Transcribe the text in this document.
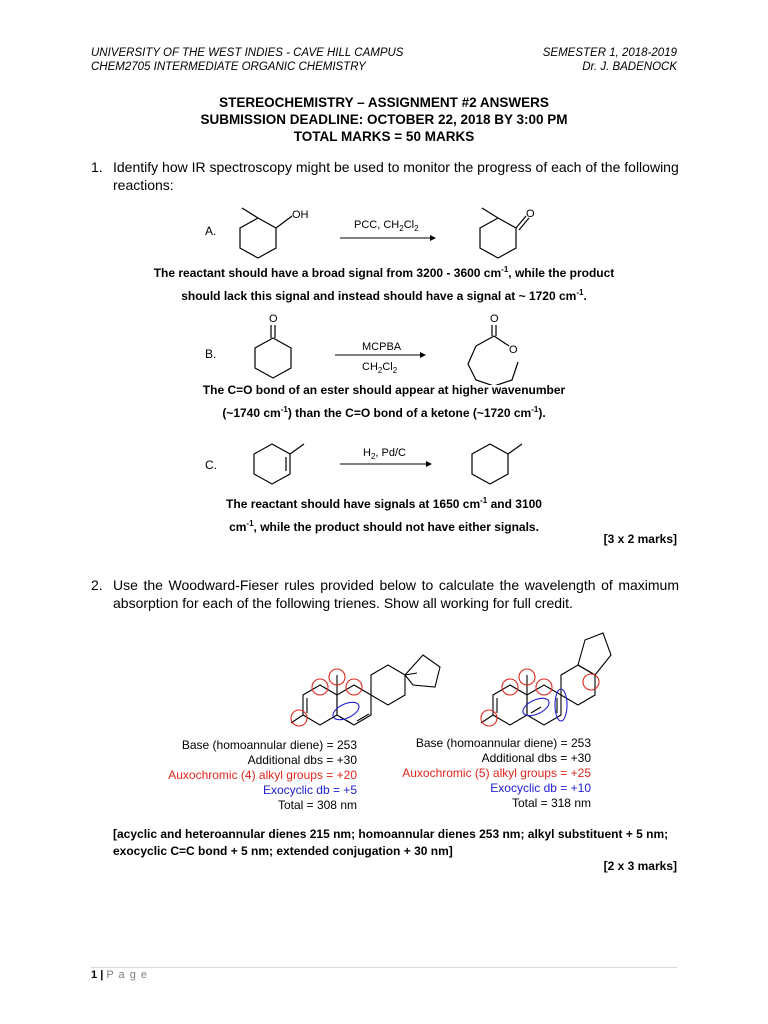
UNIVERSITY OF THE WEST INDIES - CAVE HILL CAMPUS
CHEM2705 INTERMEDIATE ORGANIC CHEMISTRY
SEMESTER 1, 2018-2019
Dr. J. BADENOCK
STEREOCHEMISTRY – ASSIGNMENT #2 ANSWERS
SUBMISSION DEADLINE: OCTOBER 22, 2018 BY 3:00 PM
TOTAL MARKS = 50 MARKS
1. Identify how IR spectroscopy might be used to monitor the progress of each of the following reactions:
A.
OH
PCC, $CH_2Cl_2$
O
The reactant should have a broad signal from 3200 - 3600 $cm^{-1}$, while the product
should lack this signal and instead should have a signal at ~ 1720 $cm^{-1}$.
B.
O
MCPBA
$CH_2Cl_2$
O
O
The C=O bond of an ester should appear at higher wavenumber
(~1740 $cm^{-1}$) than the C=O bond of a ketone (~1720 $cm^{-1}$).
C.
$H_2$, Pd/C
The reactant should have signals at 1650 $cm^{-1}$ and 3100
$cm^{-1}$, while the product should not have either signals.
[3 x 2 marks]
2. Use the Woodward-Fieser rules provided below to calculate the wavelength of maximum absorption for each of the following trienes. Show all working for full credit.
Base (homoannular diene) = 253
Additional dbs = +30
Auxochromic (4) alkyl groups = +20
Exocyclic db = +5
Total = 308 nm
Base (homoannular diene) = 253
Additional dbs = +30
Auxochromic (5) alkyl groups = +25
Exocyclic db = +10
Total = 318 nm
[acyclic and heteroannular dienes 215 nm; homoannular dienes 253 nm; alkyl substituent + 5 nm; exocyclic C=C bond + 5 nm; extended conjugation + 30 nm]
[2 x 3 marks]
1 | P a g e
